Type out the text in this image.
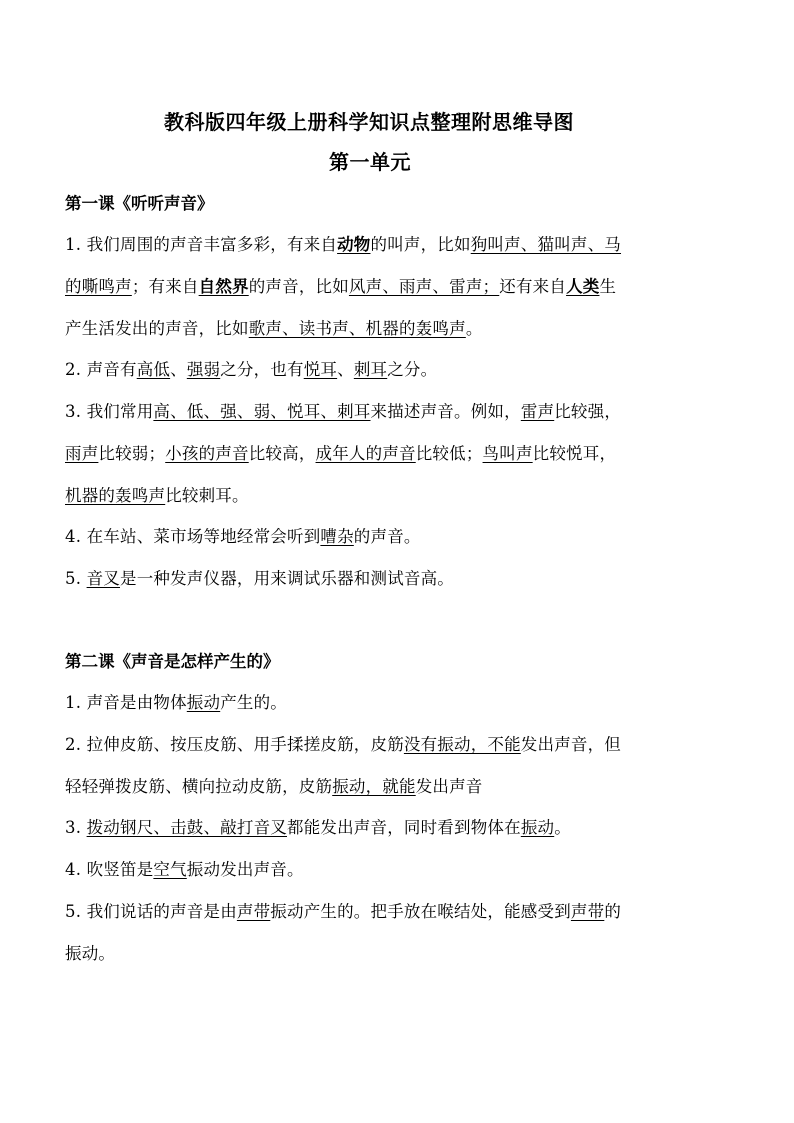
教科版四年级上册科学知识点整理附思维导图
第一单元
第一课《听听声音》
1. 我们周围的声音丰富多彩，有来自动物的叫声，比如狗叫声、猫叫声、马
的嘶鸣声；有来自自然界的声音，比如风声、雨声、雷声；还有来自人类生
产生活发出的声音，比如歌声、读书声、机器的轰鸣声。
2. 声音有高低、强弱之分，也有悦耳、刺耳之分。
3. 我们常用高、低、强、弱、悦耳、刺耳来描述声音。例如，雷声比较强，
雨声比较弱；小孩的声音比较高，成年人的声音比较低；鸟叫声比较悦耳，
机器的轰鸣声比较刺耳。
4. 在车站、菜市场等地经常会听到嘈杂的声音。
5. 音叉是一种发声仪器，用来调试乐器和测试音高。
第二课《声音是怎样产生的》
1. 声音是由物体振动产生的。
2. 拉伸皮筋、按压皮筋、用手揉搓皮筋，皮筋没有振动，不能发出声音，但
轻轻弹拨皮筋、横向拉动皮筋，皮筋振动，就能发出声音
3. 拨动钢尺、击鼓、敲打音叉都能发出声音，同时看到物体在振动。
4. 吹竖笛是空气振动发出声音。
5. 我们说话的声音是由声带振动产生的。把手放在喉结处，能感受到声带的
振动。
